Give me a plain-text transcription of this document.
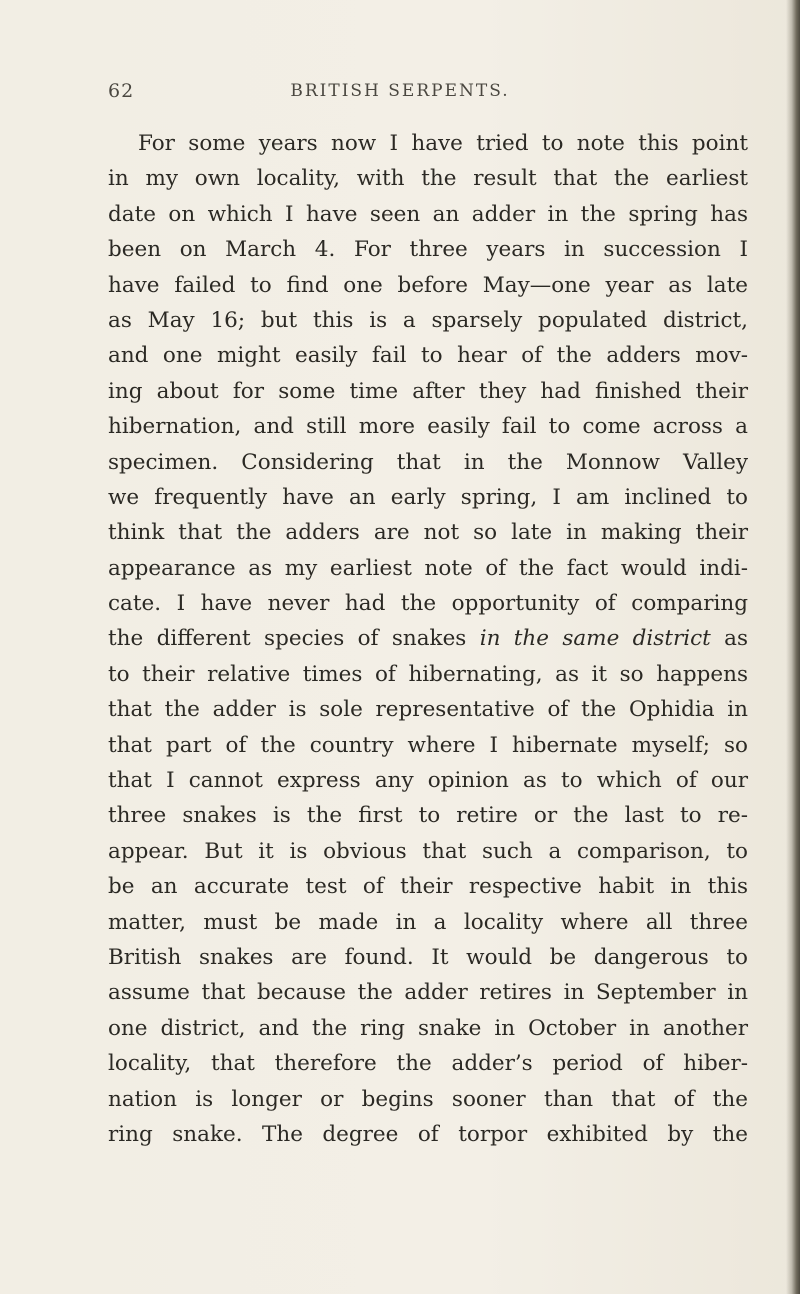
62	BRITISH SERPENTS.
For some years now I have tried to note this point
in my own locality, with the result that the earliest
date on which I have seen an adder in the spring has
been on March 4. For three years in succession I
have failed to find one before May—one year as late
as May 16; but this is a sparsely populated district,
and one might easily fail to hear of the adders mov-
ing about for some time after they had finished their
hibernation, and still more easily fail to come across a
specimen. Considering that in the Monnow Valley
we frequently have an early spring, I am inclined to
think that the adders are not so late in making their
appearance as my earliest note of the fact would indi-
cate. I have never had the opportunity of comparing
the different species of snakes in the same district as
to their relative times of hibernating, as it so happens
that the adder is sole representative of the Ophidia in
that part of the country where I hibernate myself; so
that I cannot express any opinion as to which of our
three snakes is the first to retire or the last to re-
appear. But it is obvious that such a comparison, to
be an accurate test of their respective habit in this
matter, must be made in a locality where all three
British snakes are found. It would be dangerous to
assume that because the adder retires in September in
one district, and the ring snake in October in another
locality, that therefore the adder’s period of hiber-
nation is longer or begins sooner than that of the
ring snake. The degree of torpor exhibited by the
